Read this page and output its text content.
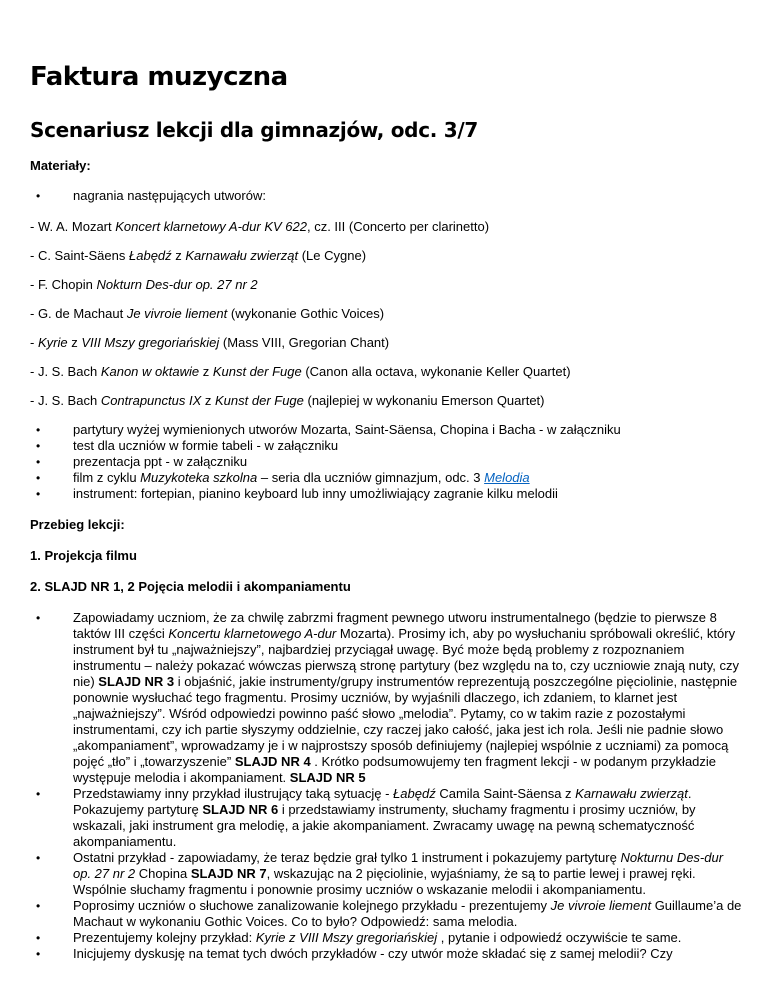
Faktura muzyczna
Scenariusz lekcji dla gimnazjów, odc. 3/7

Materiały:

•	nagrania następujących utworów:

- W. A. Mozart Koncert klarnetowy A-dur KV 622, cz. III (Concerto per clarinetto)

- C. Saint-Säens Łabędź z Karnawału zwierząt (Le Cygne)

- F. Chopin Nokturn Des-dur op. 27 nr 2

- G. de Machaut Je vivroie liement (wykonanie Gothic Voices)

- Kyrie z VIII Mszy gregoriańskiej (Mass VIII, Gregorian Chant)

- J. S. Bach Kanon w oktawie z Kunst der Fuge (Canon alla octava, wykonanie Keller Quartet)

- J. S. Bach Contrapunctus IX z Kunst der Fuge (najlepiej w wykonaniu Emerson Quartet)

•	partytury wyżej wymienionych utworów Mozarta, Saint-Säensa, Chopina i Bacha - w załączniku
•	test dla uczniów w formie tabeli - w załączniku
•	prezentacja ppt - w załączniku
•	film z cyklu Muzykoteka szkolna – seria dla uczniów gimnazjum, odc. 3 Melodia
•	instrument: fortepian, pianino keyboard lub inny umożliwiający zagranie kilku melodii

Przebieg lekcji:

1. Projekcja filmu

2. SLAJD NR 1, 2 Pojęcia melodii i akompaniamentu

•	Zapowiadamy uczniom, że za chwilę zabrzmi fragment pewnego utworu instrumentalnego (będzie to pierwsze 8 taktów III części Koncertu klarnetowego A-dur Mozarta). Prosimy ich, aby po wysłuchaniu spróbowali określić, który instrument był tu „najważniejszy”, najbardziej przyciągał uwagę. Być może będą problemy z rozpoznaniem instrumentu – należy pokazać wówczas pierwszą stronę partytury (bez względu na to, czy uczniowie znają nuty, czy nie) SLAJD NR 3 i objaśnić, jakie instrumenty/grupy instrumentów reprezentują poszczególne pięciolinie, następnie ponownie wysłuchać tego fragmentu. Prosimy uczniów, by wyjaśnili dlaczego, ich zdaniem, to klarnet jest „najważniejszy”. Wśród odpowiedzi powinno paść słowo „melodia”. Pytamy, co w takim razie z pozostałymi instrumentami, czy ich partie słyszymy oddzielnie, czy raczej jako całość, jaka jest ich rola. Jeśli nie padnie słowo „akompaniament”, wprowadzamy je i w najprostszy sposób definiujemy (najlepiej wspólnie z uczniami) za pomocą pojęć „tło” i „towarzyszenie” SLAJD NR 4 . Krótko podsumowujemy ten fragment lekcji - w podanym przykładzie występuje melodia i akompaniament. SLAJD NR 5
•	Przedstawiamy inny przykład ilustrujący taką sytuację - Łabędź Camila Saint-Säensa z Karnawału zwierząt. Pokazujemy partyturę SLAJD NR 6 i przedstawiamy instrumenty, słuchamy fragmentu i prosimy uczniów, by wskazali, jaki instrument gra melodię, a jakie akompaniament. Zwracamy uwagę na pewną schematyczność akompaniamentu.
•	Ostatni przykład - zapowiadamy, że teraz będzie grał tylko 1 instrument i pokazujemy partyturę Nokturnu Des-dur op. 27 nr 2 Chopina SLAJD NR 7, wskazując na 2 pięciolinie, wyjaśniamy, że są to partie lewej i prawej ręki. Wspólnie słuchamy fragmentu i ponownie prosimy uczniów o wskazanie melodii i akompaniamentu.
•	Poprosimy uczniów o słuchowe zanalizowanie kolejnego przykładu - prezentujemy Je vivroie liement Guillaume’a de Machaut w wykonaniu Gothic Voices. Co to było? Odpowiedź: sama melodia.
•	Prezentujemy kolejny przykład: Kyrie z VIII Mszy gregoriańskiej , pytanie i odpowiedź oczywiście te same.
•	Inicjujemy dyskusję na temat tych dwóch przykładów - czy utwór może składać się z samej melodii? Czy
